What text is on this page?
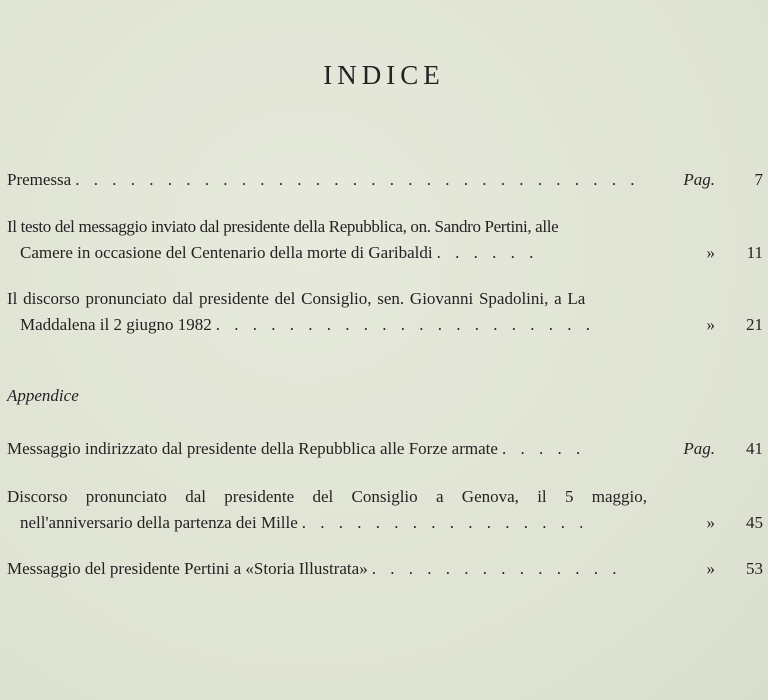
INDICE
Premessa . . .	Pag.	7
Il testo del messaggio inviato dal presidente della Repubblica, on. Sandro Pertini, alle
Camere in occasione del Centenario della morte di Garibaldi . . .	»	11
Il discorso pronunciato dal presidente del Consiglio, sen. Giovanni Spadolini, a La
Maddalena il 2 giugno 1982 . . .	»	21
Appendice
Messaggio indirizzato dal presidente della Repubblica alle Forze armate . . .	Pag.	41
Discorso pronunciato dal presidente del Consiglio a Genova, il 5 maggio,
nell'anniversario della partenza dei Mille . . .	»	45
Messaggio del presidente Pertini a «Storia Illustrata» . . .	»	53
